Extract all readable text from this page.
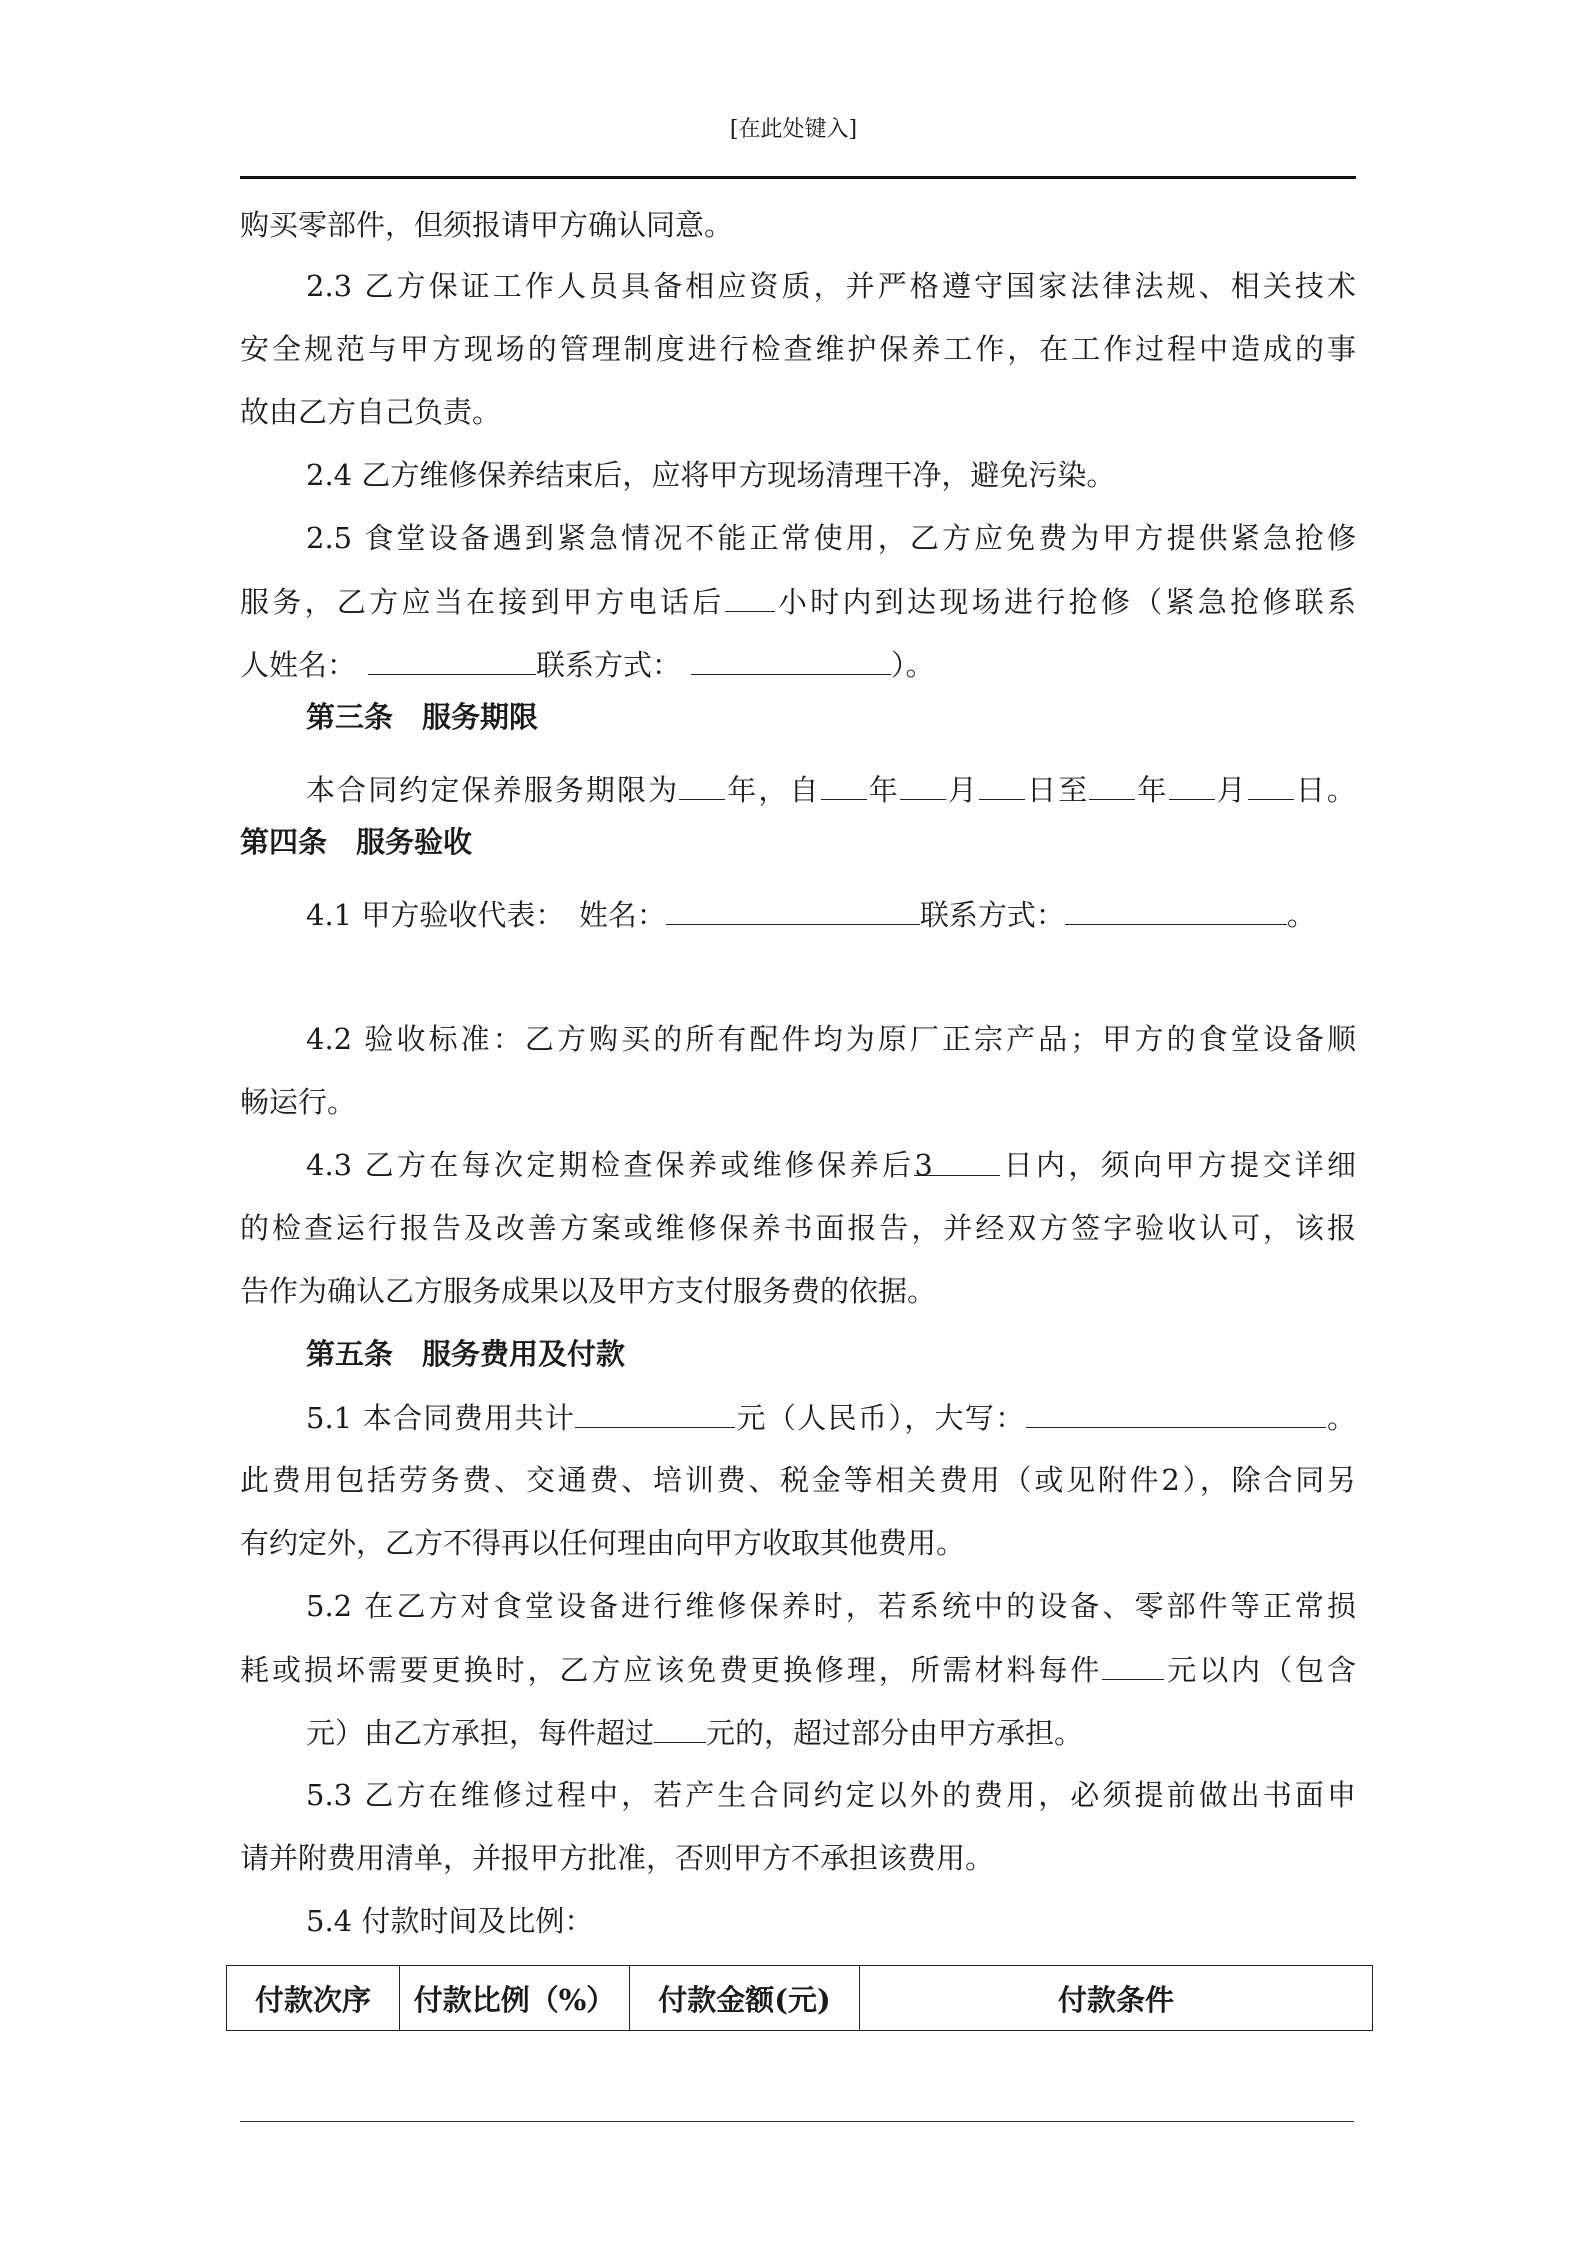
[在此处键入]
购买零部件，但须报请甲方确认同意。
2.3 乙方保证工作人员具备相应资质，并严格遵守国家法律法规、相关技术
安全规范与甲方现场的管理制度进行检查维护保养工作，在工作过程中造成的事
故由乙方自己负责。
2.4 乙方维修保养结束后，应将甲方现场清理干净，避免污染。
2.5 食堂设备遇到紧急情况不能正常使用，乙方应免费为甲方提供紧急抢修
服务，乙方应当在接到甲方电话后 小时内到达现场进行抢修（紧急抢修联系
人姓名：	联系方式：	）。
第三条　服务期限
本合同约定保养服务期限为 年，自 年 月 日至 年 月 日。
第四条　服务验收
4.1 甲方验收代表：　姓名：	联系方式：	。
4.2 验收标准：乙方购买的所有配件均为原厂正宗产品；甲方的食堂设备顺
畅运行。
4.3 乙方在每次定期检查保养或维修保养后3 日内，须向甲方提交详细
的检查运行报告及改善方案或维修保养书面报告，并经双方签字验收认可，该报
告作为确认乙方服务成果以及甲方支付服务费的依据。
第五条　服务费用及付款
5.1 本合同费用共计	元（人民币），大写：	。
此费用包括劳务费、交通费、培训费、税金等相关费用（或见附件2），除合同另
有约定外，乙方不得再以任何理由向甲方收取其他费用。
5.2 在乙方对食堂设备进行维修保养时，若系统中的设备、零部件等正常损
耗或损坏需要更换时，乙方应该免费更换修理，所需材料每件 元以内（包含
元）由乙方承担，每件超过 元的，超过部分由甲方承担。
5.3 乙方在维修过程中，若产生合同约定以外的费用，必须提前做出书面申
请并附费用清单，并报甲方批准，否则甲方不承担该费用。
5.4 付款时间及比例：
付款次序	付款比例（%）	付款金额(元)	付款条件
